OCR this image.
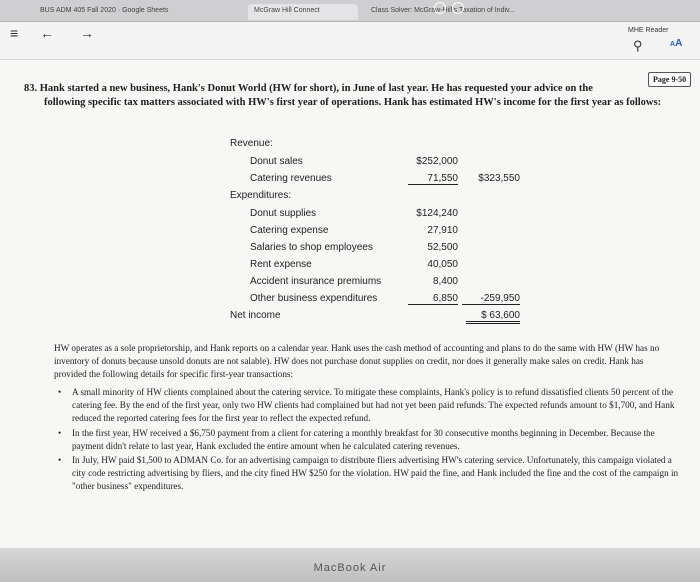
BUS ADM 405 Fall 2020 · Google Sheets	McGraw Hill Connect	Class Solver: McGraw-Hill's Taxation of Indiv...
≡ ← →	MHE Reader
⚲	AA
83. Hank started a new business, Hank's Donut World (HW for short), in June of last year. He has requested your advice on the
following specific tax matters associated with HW's first year of operations. Hank has estimated HW's income for the first year as follows:
Page 9-50
Revenue:
Donut sales	$252,000
Catering revenues	71,550	$323,550
Expenditures:
Donut supplies	$124,240
Catering expense	27,910
Salaries to shop employees	52,500
Rent expense	40,050
Accident insurance premiums	8,400
Other business expenditures	6,850	-259,950
Net income	$ 63,600
HW operates as a sole proprietorship, and Hank reports on a calendar year. Hank uses the cash method of accounting and plans to do the same with HW (HW has no inventory of donuts because unsold donuts are not salable). HW does not purchase donut supplies on credit, nor does it generally make sales on credit. Hank has provided the following details for specific first-year transactions:
• A small minority of HW clients complained about the catering service. To mitigate these complaints, Hank's policy is to refund dissatisfied clients 50 percent of the catering fee. By the end of the first year, only two HW clients had complained but had not yet been paid refunds. The expected refunds amount to $1,700, and Hank reduced the reported catering fees for the first year to reflect the expected refund.
• In the first year, HW received a $6,750 payment from a client for catering a monthly breakfast for 30 consecutive months beginning in December. Because the payment didn't relate to last year, Hank excluded the entire amount when he calculated catering revenues.
• In July, HW paid $1,500 to ADMAN Co. for an advertising campaign to distribute fliers advertising HW's catering service. Unfortunately, this campaign violated a city code restricting advertising by fliers, and the city fined HW $250 for the violation. HW paid the fine, and Hank included the fine and the cost of the campaign in "other business" expenditures.
MacBook Air
